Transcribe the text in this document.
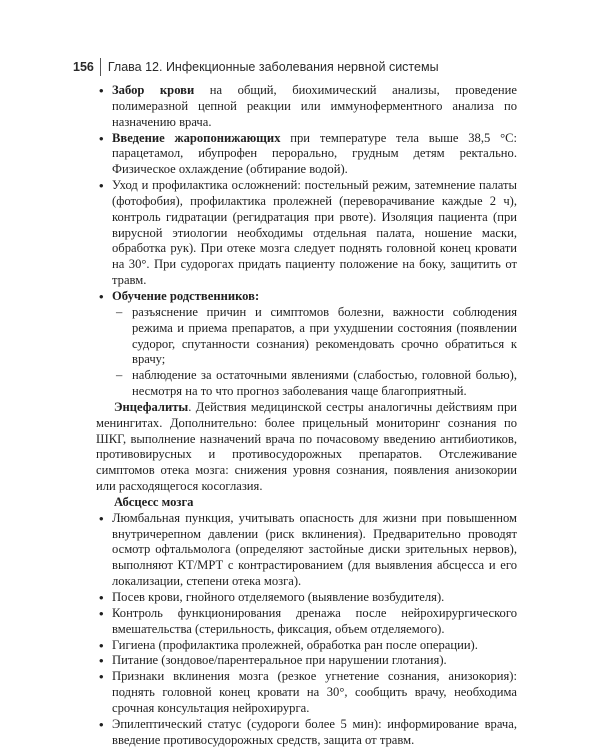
156 Глава 12. Инфекционные заболевания нервной системы
• Забор крови на общий, биохимический анализы, проведение полимеразной цепной реакции или иммуноферментного анализа по назначению врача.
• Введение жаропонижающих при температуре тела выше 38,5 °C: парацетамол, ибупрофен перорально, грудным детям ректально. Физическое охлаждение (обтирание водой).
• Уход и профилактика осложнений: постельный режим, затемнение палаты (фотофобия), профилактика пролежней (переворачивание каждые 2 ч), контроль гидратации (регидратация при рвоте). Изоляция пациента (при вирусной этиологии необходимы отдельная палата, ношение маски, обработка рук). При отеке мозга следует поднять головной конец кровати на 30°. При судорогах придать пациенту положение на боку, защитить от травм.
• Обучение родственников:
– разъяснение причин и симптомов болезни, важности соблюдения режима и приема препаратов, а при ухудшении состояния (появлении судорог, спутанности сознания) рекомендовать срочно обратиться к врачу;
– наблюдение за остаточными явлениями (слабостью, головной болью), несмотря на то что прогноз заболевания чаще благоприятный.

Энцефалиты. Действия медицинской сестры аналогичны действиям при менингитах. Дополнительно: более прицельный мониторинг сознания по ШКГ, выполнение назначений врача по почасовому введению антибиотиков, противовирусных и противосудорожных препаратов. Отслеживание симптомов отека мозга: снижения уровня сознания, появления анизокории или расходящегося косоглазия.

Абсцесс мозга

• Люмбальная пункция, учитывать опасность для жизни при повышенном внутричерепном давлении (риск вклинения). Предварительно проводят осмотр офтальмолога (определяют застойные диски зрительных нервов), выполняют КТ/МРТ с контрастированием (для выявления абсцесса и его локализации, степени отека мозга).
• Посев крови, гнойного отделяемого (выявление возбудителя).
• Контроль функционирования дренажа после нейрохирургического вмешательства (стерильность, фиксация, объем отделяемого).
• Гигиена (профилактика пролежней, обработка ран после операции).
• Питание (зондовое/парентеральное при нарушении глотания).
• Признаки вклинения мозга (резкое угнетение сознания, анизокория): поднять головной конец кровати на 30°, сообщить врачу, необходима срочная консультация нейрохирурга.
• Эпилептический статус (судороги более 5 мин): информирование врача, введение противосудорожных средств, защита от травм.
